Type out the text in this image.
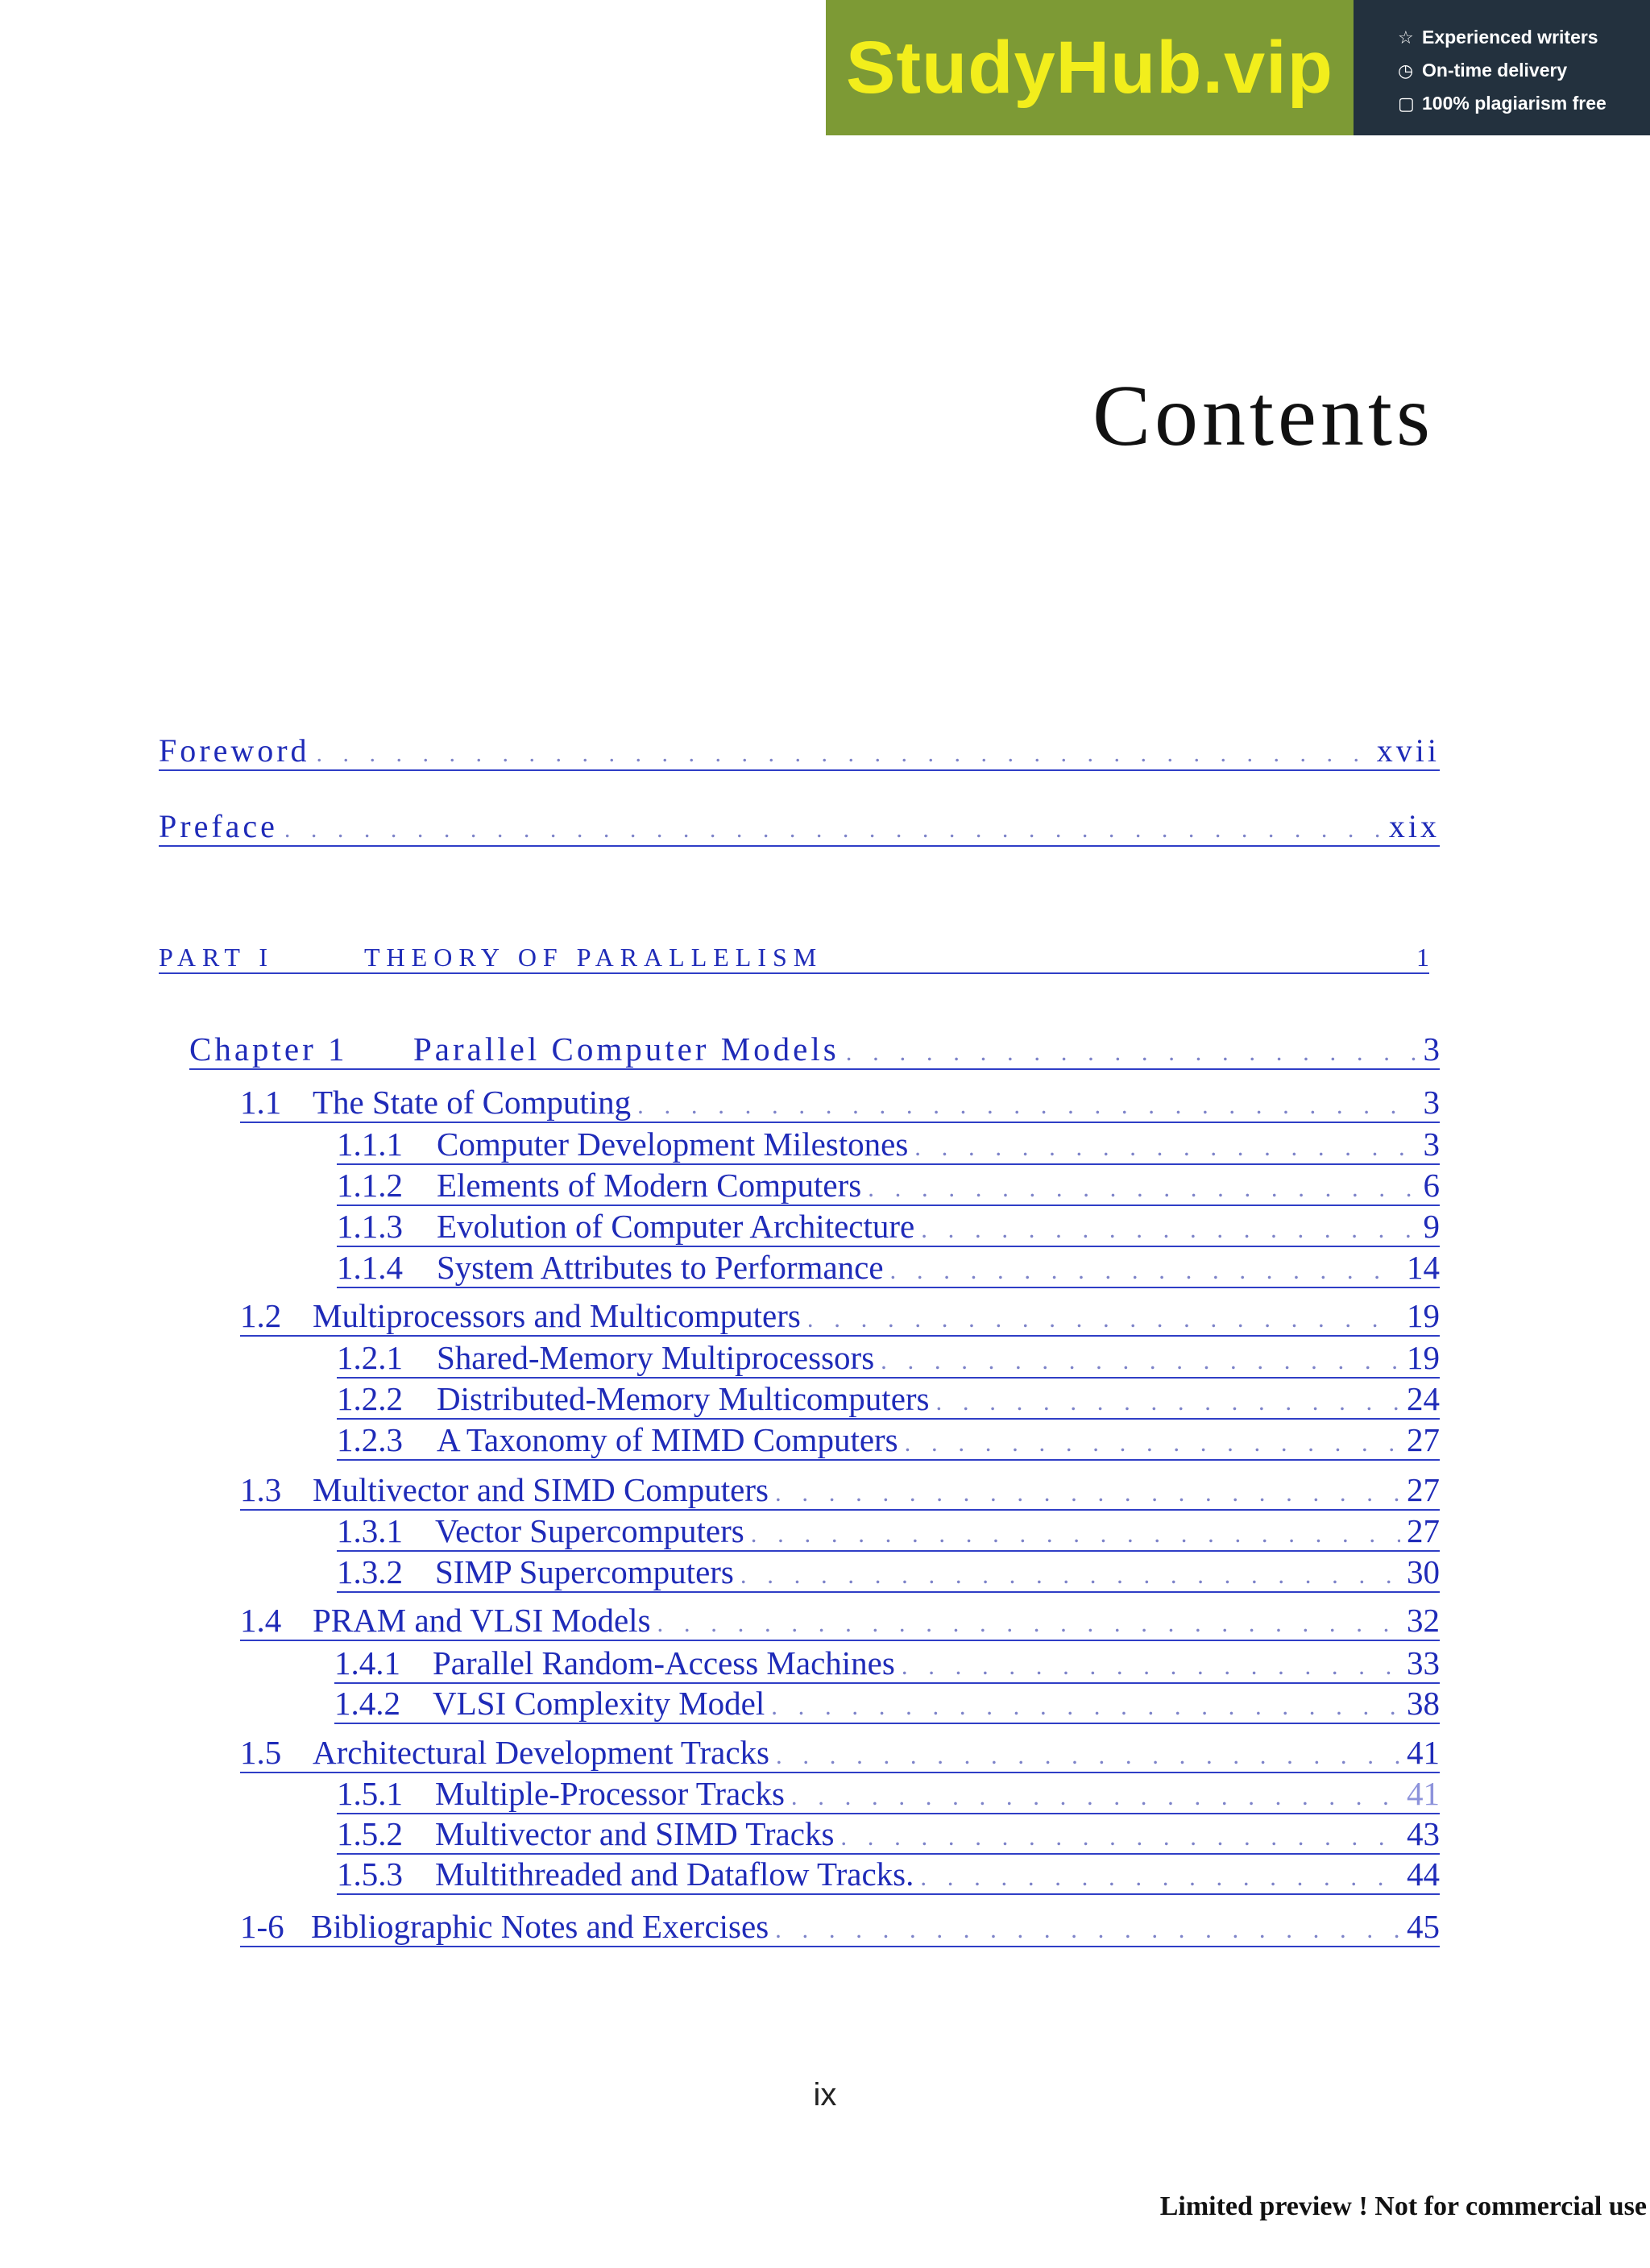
StudyHub.vip	☆ Experienced writers
◷ On-time delivery
▢ 100% plagiarism free
Contents
Foreword . . .	xvii
Preface . . .	xix
PART I	THEORY OF PARALLELISM	1
Chapter 1	Parallel Computer Models . . .	3
1.1 The State of Computing . . .	3
1.1.1	Computer Development Milestones . . .	3
1.1.2	Elements of Modern Computers . . .	6
1.1.3	Evolution of Computer Architecture . . .	9
1.1.4	System Attributes to Performance . . .	14
1.2 Multiprocessors and Multicomputers . . .	19
1.2.1	Shared-Memory Multiprocessors . . .	19
1.2.2	Distributed-Memory Multicomputers . . .	24
1.2.3	A Taxonomy of MIMD Computers . . .	27
1.3 Multivector and SIMD Computers . . .	27
1.3.1 Vector Supercomputers . . .	27
1.3.2 SIMP Supercomputers . . .	30
1.4 PRAM and VLSI Models . . .	32
1.4.1 Parallel Random-Access Machines . . .	33
1.4.2 VLSI Complexity Model . . .	38
1.5 Architectural Development Tracks . . .	41
1.5.1 Multiple-Processor Tracks . . .	41
1.5.2 Multivector and SIMD Tracks . . .	43
1.5.3 Multithreaded and Dataflow Tracks. . . .	44
1-6 Bibliographic Notes and Exercises . . .	45
ix
Limited preview ! Not for commercial use
